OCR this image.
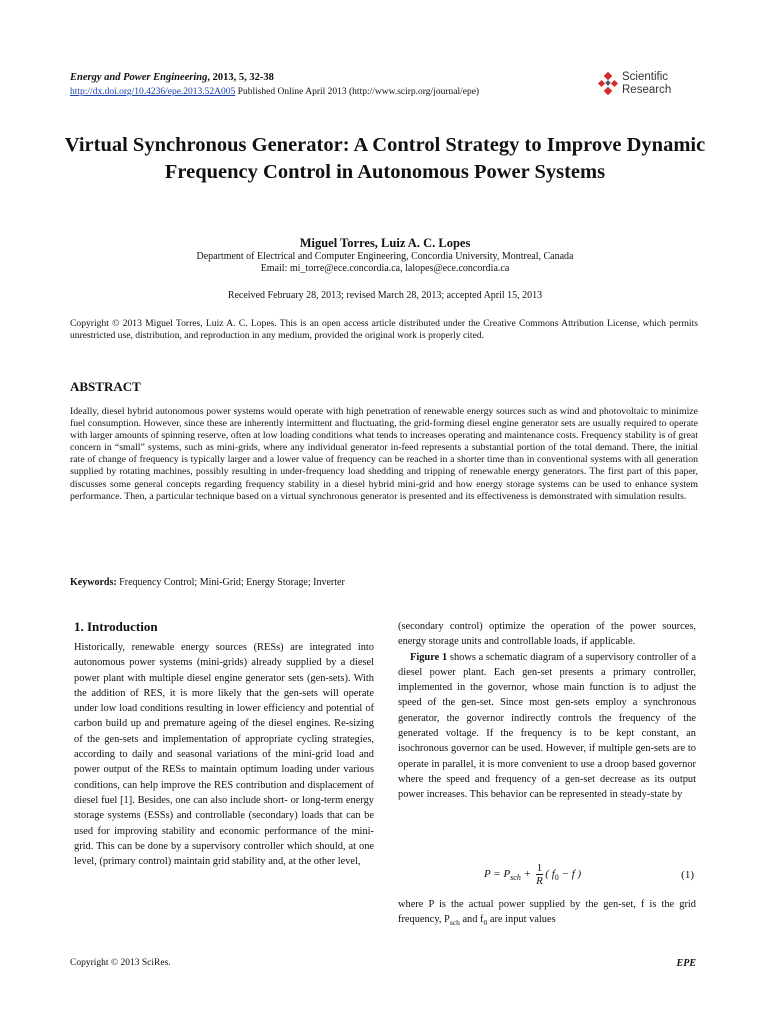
Energy and Power Engineering, 2013, 5, 32-38
http://dx.doi.org/10.4236/epe.2013.52A005 Published Online April 2013 (http://www.scirp.org/journal/epe)
Scientific
Research
Virtual Synchronous Generator: A Control Strategy to Improve Dynamic Frequency Control in Autonomous Power Systems
Miguel Torres, Luiz A. C. Lopes
Department of Electrical and Computer Engineering, Concordia University, Montreal, Canada
Email: mi_torre@ece.concordia.ca, lalopes@ece.concordia.ca
Received February 28, 2013; revised March 28, 2013; accepted April 15, 2013
Copyright © 2013 Miguel Torres, Luiz A. C. Lopes. This is an open access article distributed under the Creative Commons Attribution License, which permits unrestricted use, distribution, and reproduction in any medium, provided the original work is properly cited.
ABSTRACT
Ideally, diesel hybrid autonomous power systems would operate with high penetration of renewable energy sources such as wind and photovoltaic to minimize fuel consumption. However, since these are inherently intermittent and fluctuating, the grid-forming diesel engine generator sets are usually required to operate with larger amounts of spinning reserve, often at low loading conditions what tends to increases operating and maintenance costs. Frequency stability is of great concern in “small” systems, such as mini-grids, where any individual generator in-feed represents a substantial portion of the total demand. There, the initial rate of change of frequency is typically larger and a lower value of frequency can be reached in a shorter time than in conventional systems with all generation supplied by rotating machines, possibly resulting in under-frequency load shedding and tripping of renewable energy generators. The first part of this paper, discusses some general concepts regarding frequency stability in a diesel hybrid mini-grid and how energy storage systems can be used to enhance system performance. Then, a particular technique based on a virtual synchronous generator is presented and its effectiveness is demonstrated with simulation results.
Keywords: Frequency Control; Mini-Grid; Energy Storage; Inverter
1. Introduction
Historically, renewable energy sources (RESs) are integrated into autonomous power systems (mini-grids) already supplied by a diesel power plant with multiple diesel engine generator sets (gen-sets). With the addition of RES, it is more likely that the gen-sets will operate under low load conditions resulting in lower efficiency and potential of carbon build up and premature ageing of the diesel engines. Re-sizing of the gen-sets and implementation of appropriate cycling strategies, according to daily and seasonal variations of the mini-grid load and power output of the RESs to maintain optimum loading under various conditions, can help improve the RES contribution and displacement of diesel fuel [1]. Besides, one can also include short- or long-term energy storage systems (ESSs) and controllable (secondary) loads that can be used for improving stability and economic performance of the mini-grid. This can be done by a supervisory controller which should, at one level, (primary control) maintain grid stability and, at the other level,
(secondary control) optimize the operation of the power sources, energy storage units and controllable loads, if applicable.
Figure 1 shows a schematic diagram of a supervisory controller of a diesel power plant. Each gen-set presents a primary controller, implemented in the governor, whose main function is to adjust the speed of the gen-set. Since most gen-sets employ a synchronous generator, the governor indirectly controls the frequency of the generated voltage. If the frequency is to be kept constant, an isochronous governor can be used. However, if multiple gen-sets are to operate in parallel, it is more convenient to use a droop based governor where the speed and frequency of a gen-set decrease as its output power increases. This behavior can be represented in steady-state by
$P = P_{sch} + \frac{1}{R}$ ( $f_0 - f$ )	(1)
where P is the actual power supplied by the gen-set, f is the grid frequency, $P_{sch}$ and $f_0$ are input values
Copyright © 2013 SciRes.	EPE
